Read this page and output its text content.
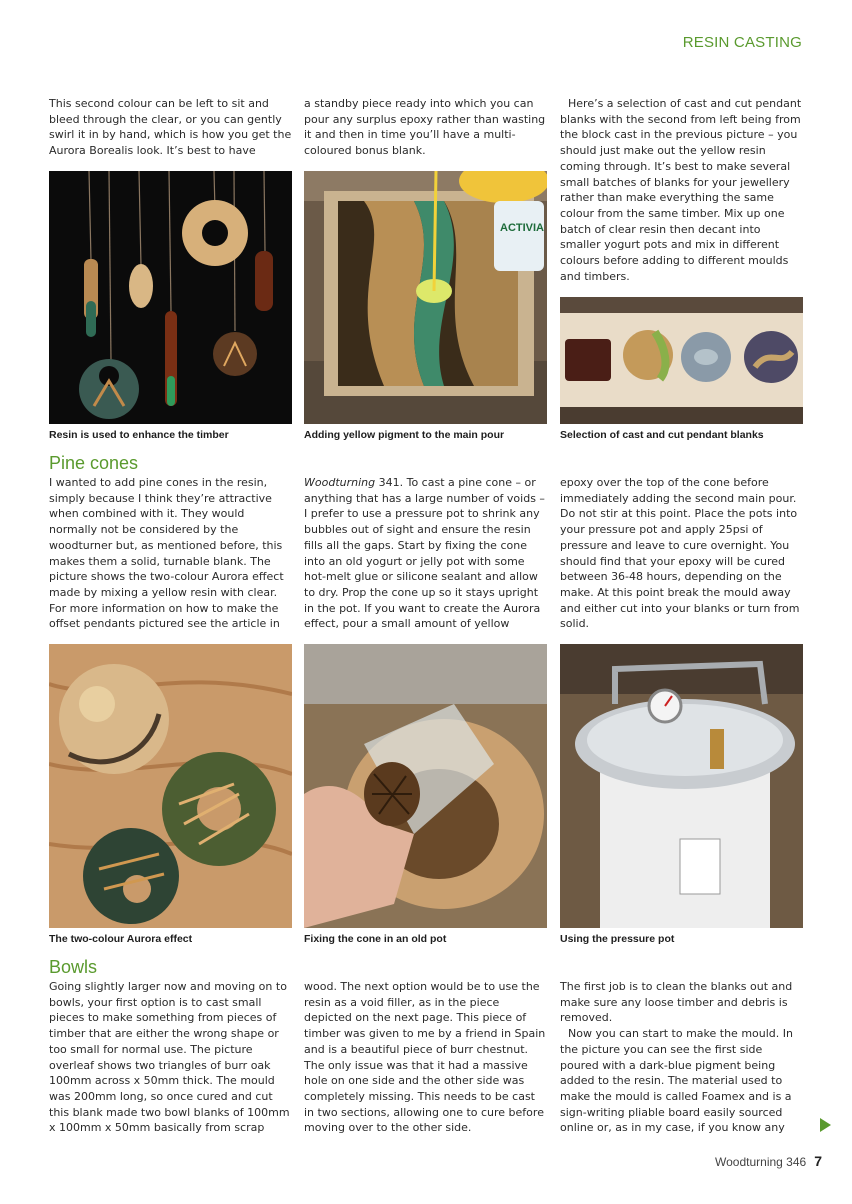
RESIN CASTING

This second colour can be left to sit and bleed through the clear, or you can gently swirl it in by hand, which is how you get the Aurora Borealis look. It’s best to have

a standby piece ready into which you can pour any surplus epoxy rather than wasting it and then in time you’ll have a multi-coloured bonus blank.

Here’s a selection of cast and cut pendant blanks with the second from left being from the block cast in the previous picture – you should just make out the yellow resin coming through. It’s best to make several small batches of blanks for your jewellery rather than make everything the same colour from the same timber. Mix up one batch of clear resin then decant into smaller yogurt pots and mix in different colours before adding to different moulds and timbers.

ACTIVIA
Resin is used to enhance the timber	Adding yellow pigment to the main pour	Selection of cast and cut pendant blanks
Pine cones

I wanted to add pine cones in the resin, simply because I think they’re attractive when combined with it. They would normally not be considered by the woodturner but, as mentioned before, this makes them a solid, turnable blank. The picture shows the two-colour Aurora effect made by mixing a yellow resin with clear. For more information on how to make the offset pendants pictured see the article in

Woodturning 341. To cast a pine cone – or anything that has a large number of voids – I prefer to use a pressure pot to shrink any bubbles out of sight and ensure the resin fills all the gaps. Start by fixing the cone into an old yogurt or jelly pot with some hot-melt glue or silicone sealant and allow to dry. Prop the cone up so it stays upright in the pot. If you want to create the Aurora effect, pour a small amount of yellow

epoxy over the top of the cone before immediately adding the second main pour. Do not stir at this point. Place the pots into your pressure pot and apply 25psi of pressure and leave to cure overnight. You should find that your epoxy will be cured between 36-48 hours, depending on the make. At this point break the mould away and either cut into your blanks or turn from solid.

The two-colour Aurora effect	Fixing the cone in an old pot	Using the pressure pot
Bowls

Going slightly larger now and moving on to bowls, your first option is to cast small pieces to make something from pieces of timber that are either the wrong shape or too small for normal use. The picture overleaf shows two triangles of burr oak 100mm across x 50mm thick. The mould was 200mm long, so once cured and cut this blank made two bowl blanks of 100mm x 100mm x 50mm basically from scrap

wood. The next option would be to use the resin as a void filler, as in the piece depicted on the next page. This piece of timber was given to me by a friend in Spain and is a beautiful piece of burr chestnut. The only issue was that it had a massive hole on one side and the other side was completely missing. This needs to be cast in two sections, allowing one to cure before moving over to the other side.

The first job is to clean the blanks out and make sure any loose timber and debris is removed.

Now you can start to make the mould. In the picture you can see the first side poured with a dark-blue pigment being added to the resin. The material used to make the mould is called Foamex and is a sign-writing pliable board easily sourced online or, as in my case, if you know any

Woodturning 346 7
